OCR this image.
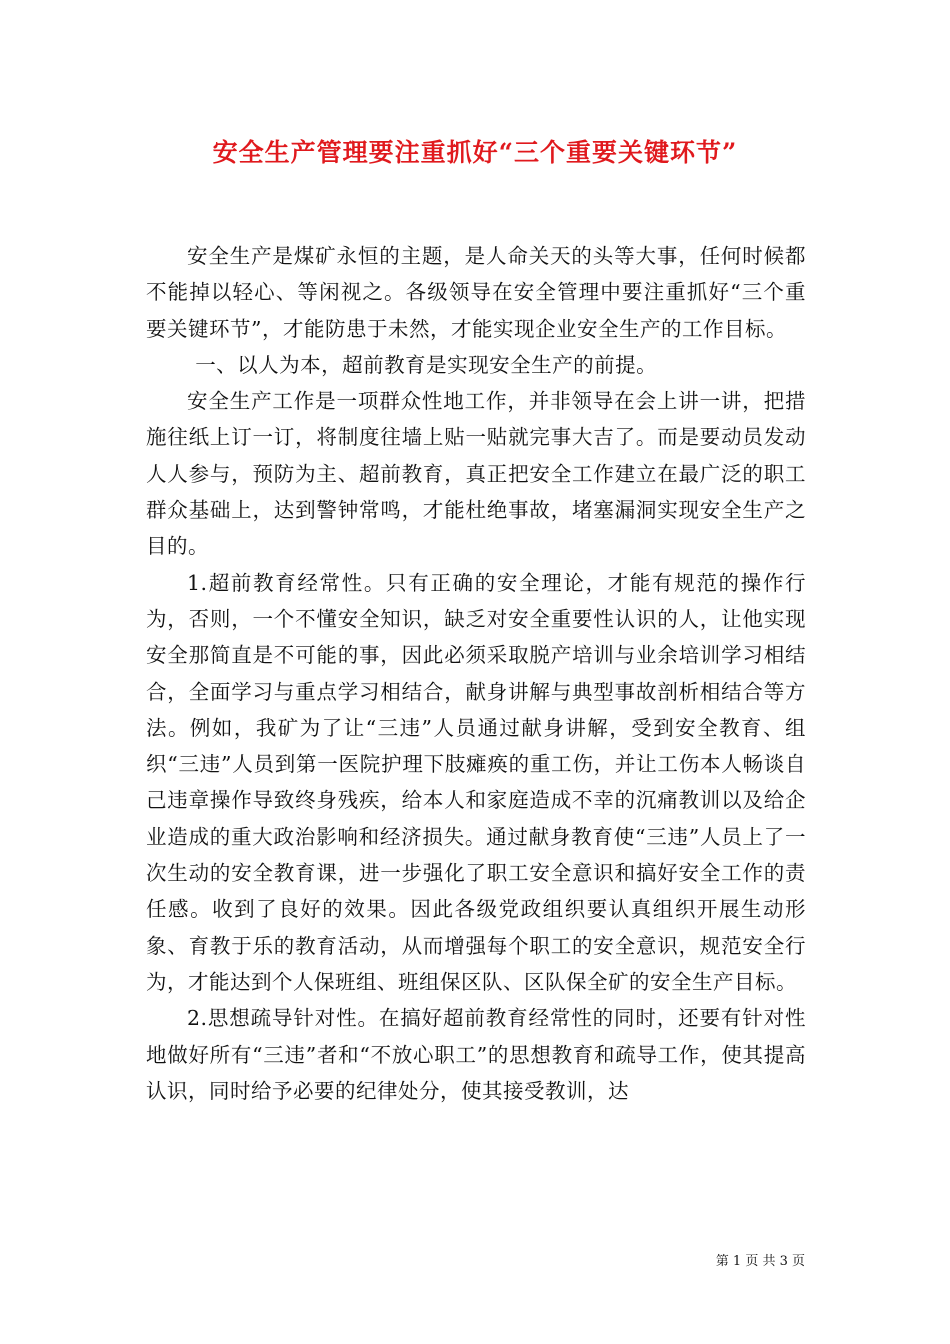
安全生产管理要注重抓好“三个重要关键环节”

安全生产是煤矿永恒的主题，是人命关天的头等大事，任何时候都不能掉以轻心、等闲视之。各级领导在安全管理中要注重抓好“三个重要关键环节”，才能防患于未然，才能实现企业安全生产的工作目标。

一、以人为本，超前教育是实现安全生产的前提。

安全生产工作是一项群众性地工作，并非领导在会上讲一讲，把措施往纸上订一订，将制度往墙上贴一贴就完事大吉了。而是要动员发动人人参与，预防为主、超前教育，真正把安全工作建立在最广泛的职工群众基础上，达到警钟常鸣，才能杜绝事故，堵塞漏洞实现安全生产之目的。

1.超前教育经常性。只有正确的安全理论，才能有规范的操作行为，否则，一个不懂安全知识，缺乏对安全重要性认识的人，让他实现安全那简直是不可能的事，因此必须采取脱产培训与业余培训学习相结合，全面学习与重点学习相结合，献身讲解与典型事故剖析相结合等方法。例如，我矿为了让“三违”人员通过献身讲解，受到安全教育、组织“三违”人员到第一医院护理下肢瘫痪的重工伤，并让工伤本人畅谈自己违章操作导致终身残疾，给本人和家庭造成不幸的沉痛教训以及给企业造成的重大政治影响和经济损失。通过献身教育使“三违”人员上了一次生动的安全教育课，进一步强化了职工安全意识和搞好安全工作的责任感。收到了良好的效果。因此各级党政组织要认真组织开展生动形象、育教于乐的教育活动，从而增强每个职工的安全意识，规范安全行为，才能达到个人保班组、班组保区队、区队保全矿的安全生产目标。

2.思想疏导针对性。在搞好超前教育经常性的同时，还要有针对性地做好所有“三违”者和“不放心职工”的思想教育和疏导工作，使其提高认识，同时给予必要的纪律处分，使其接受教训，达

第 1 页 共 3 页
